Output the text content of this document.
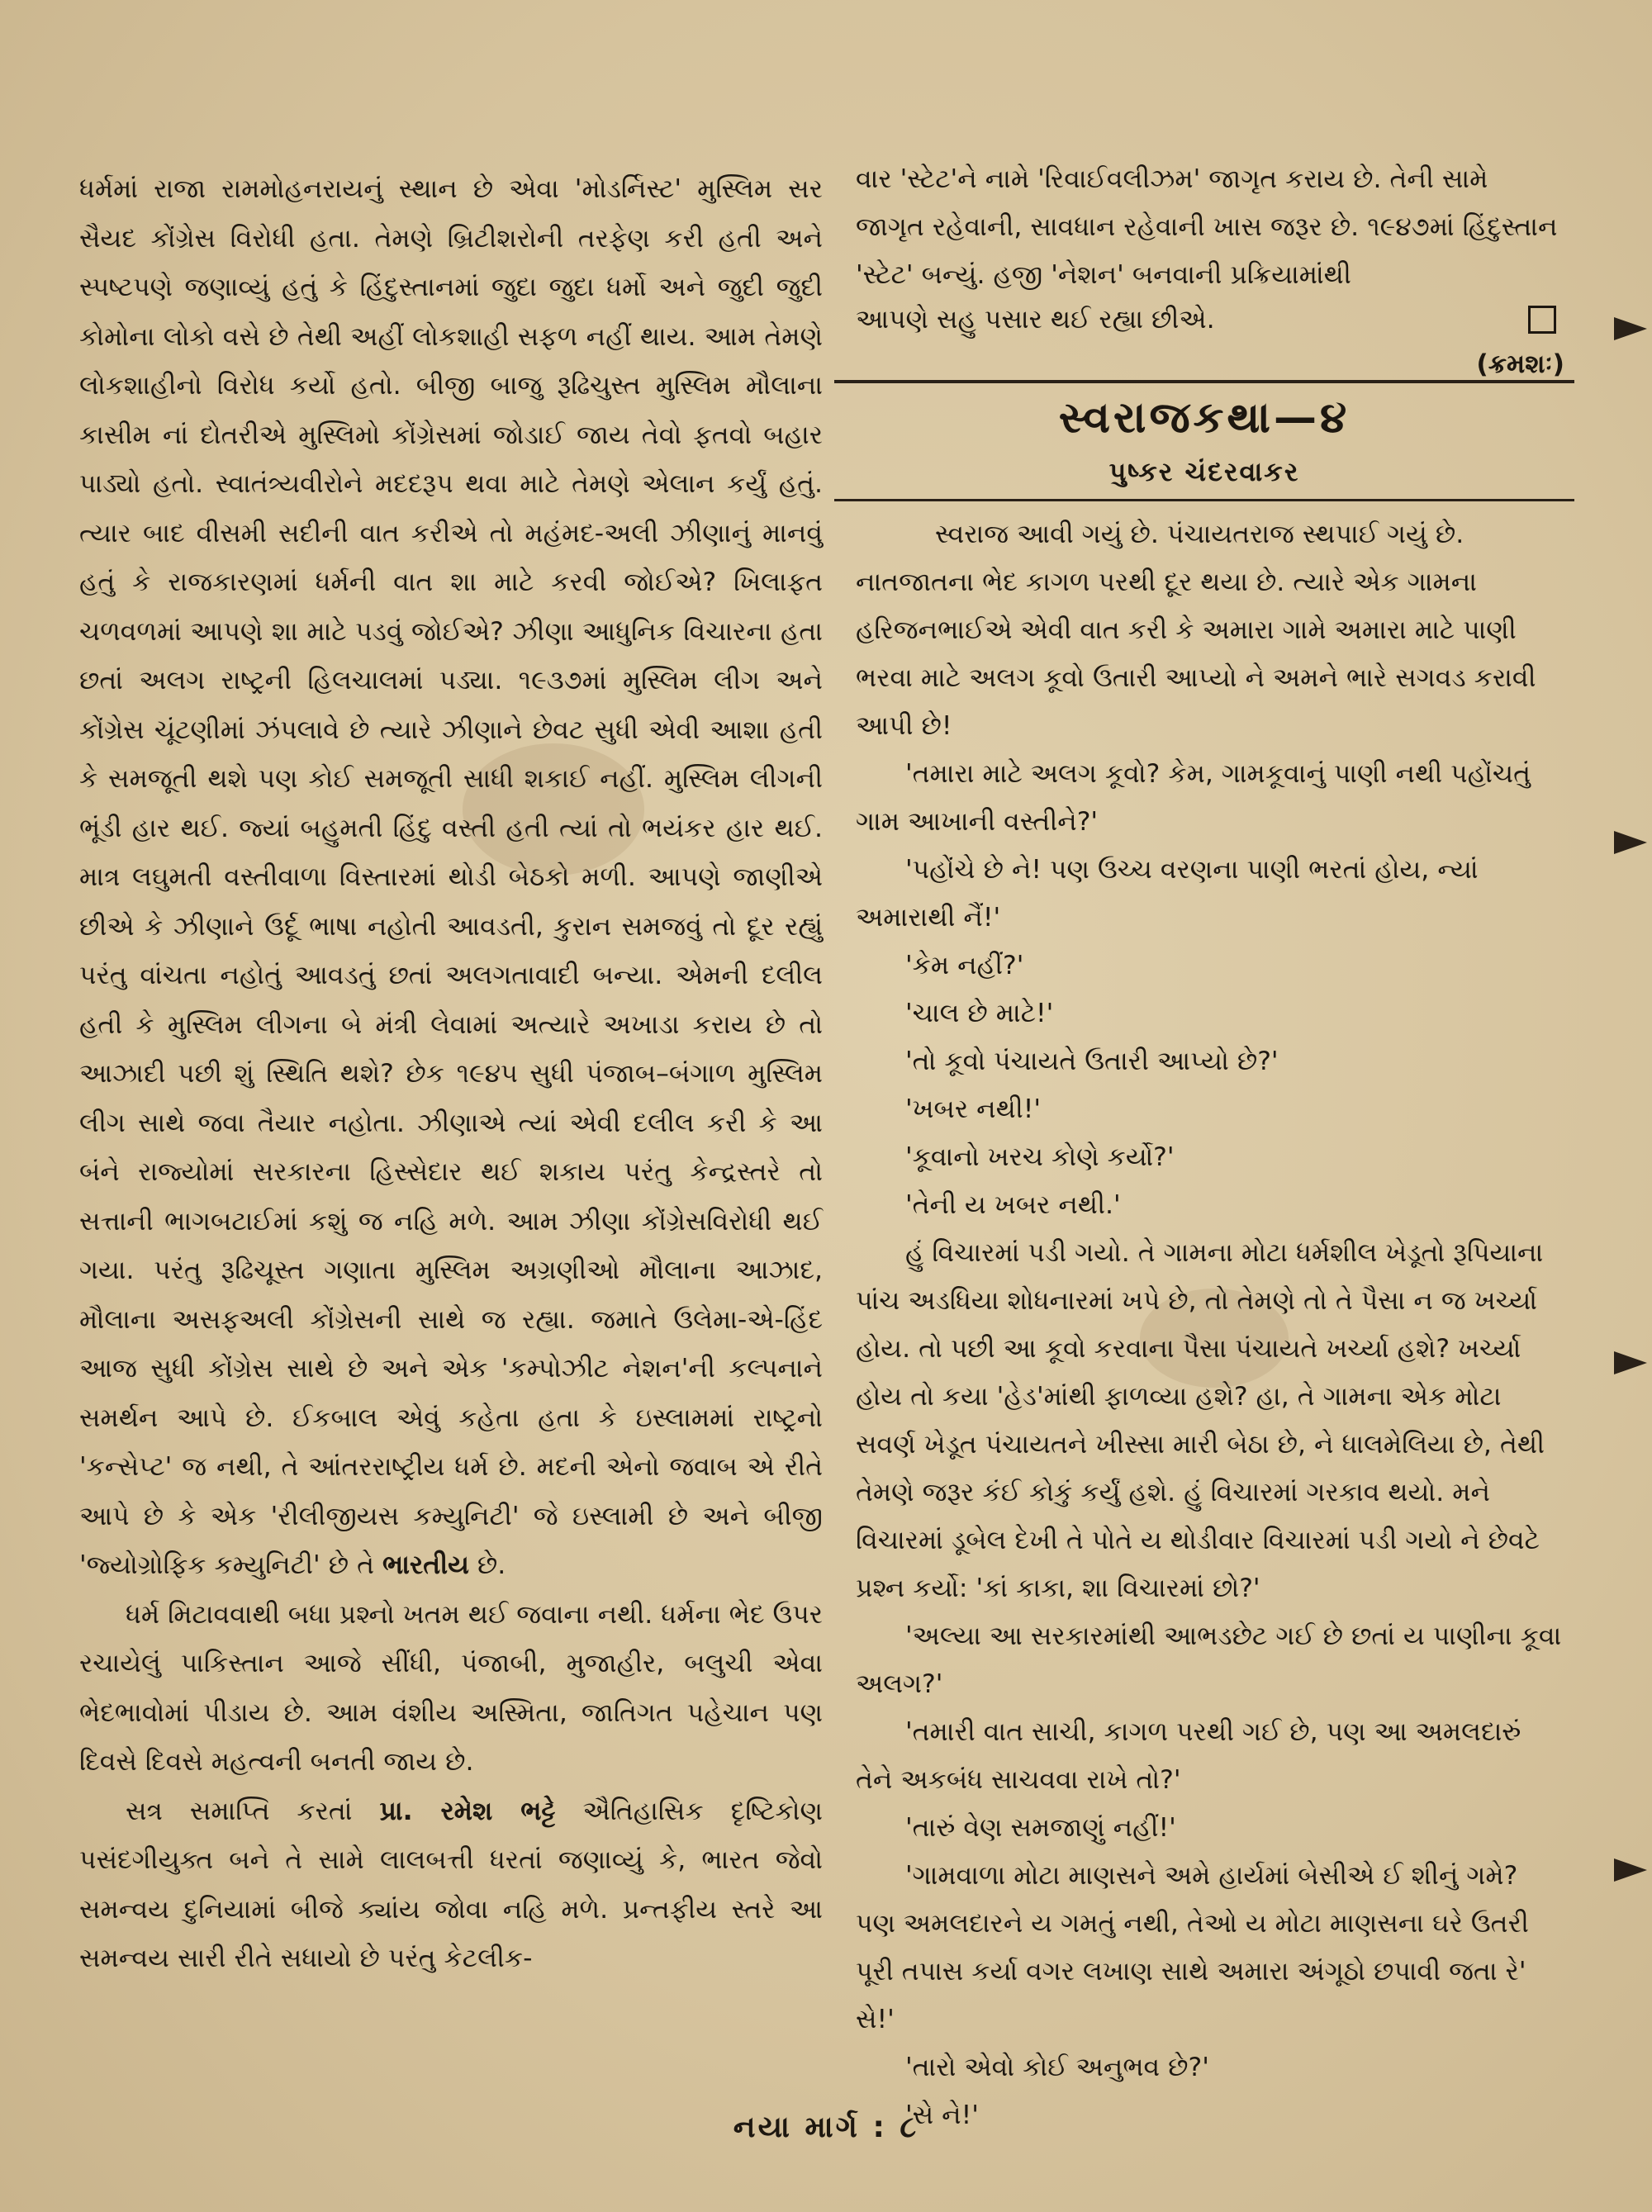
ધર્મમાં રાજા રામમોહનરાયનું સ્થાન છે એવા 'મોડર્નિસ્ટ' મુસ્લિમ સર સૈયદ કોંગ્રેસ વિરોધી હતા. તેમણે બ્રિટીશરોની તરફેણ કરી હતી અને સ્પષ્ટપણે જણાવ્યું હતું કે હિંદુસ્તાનમાં જુદા જુદા ધર્મો અને જુદી જુદી કોમોના લોકો વસે છે તેથી અહીં લોકશાહી સફળ નહીં થાય. આમ તેમણે લોકશાહીનો વિરોધ કર્યો હતો. બીજી બાજુ રૂઢિચુસ્ત મુસ્લિમ મૌલાના કાસીમ નાં દોતરીએ મુસ્લિમો કોંગ્રેસમાં જોડાઈ જાય તેવો ફતવો બહાર પાડ્યો હતો. સ્વાતંત્ર્યવીરોને મદદરૂપ થવા માટે તેમણે એલાન કર્યું હતું. ત્યાર બાદ વીસમી સદીની વાત કરીએ તો મહંમદ-અલી ઝીણાનું માનવું હતું કે રાજકારણમાં ધર્મની વાત શા માટે કરવી જોઈએ? ખિલાફત ચળવળમાં આપણે શા માટે પડવું જોઈએ? ઝીણા આધુનિક વિચારના હતા છતાં અલગ રાષ્ટ્રની હિલચાલમાં પડ્યા. ૧૯૩૭માં મુસ્લિમ લીગ અને કોંગ્રેસ ચૂંટણીમાં ઝંપલાવે છે ત્યારે ઝીણાને છેવટ સુધી એવી આશા હતી કે સમજૂતી થશે પણ કોઈ સમજૂતી સાધી શકાઈ નહીં. મુસ્લિમ લીગની ભૂંડી હાર થઈ. જ્યાં બહુમતી હિંદુ વસ્તી હતી ત્યાં તો ભયંકર હાર થઈ. માત્ર લઘુમતી વસ્તીવાળા વિસ્તારમાં થોડી બેઠકો મળી. આપણે જાણીએ છીએ કે ઝીણાને ઉર્દૂ ભાષા નહોતી આવડતી, કુરાન સમજવું તો દૂર રહ્યું પરંતુ વાંચતા નહોતું આવડતું છતાં અલગતાવાદી બન્યા. એમની દલીલ હતી કે મુસ્લિમ લીગના બે મંત્રી લેવામાં અત્યારે અખાડા કરાય છે તો આઝાદી પછી શું સ્થિતિ થશે? છેક ૧૯૪૫ સુધી પંજાબ–બંગાળ મુસ્લિમ લીગ સાથે જવા તૈયાર નહોતા. ઝીણાએ ત્યાં એવી દલીલ કરી કે આ બંને રાજ્યોમાં સરકારના હિસ્સેદાર થઈ શકાય પરંતુ કેન્દ્રસ્તરે તો સત્તાની ભાગબટાઈમાં કશું જ નહિ મળે. આમ ઝીણા કોંગ્રેસવિરોધી થઈ ગયા. પરંતુ રૂઢિચૂસ્ત ગણાતા મુસ્લિમ અગ્રણીઓ મૌલાના આઝાદ, મૌલાના અસફઅલી કોંગ્રેસની સાથે જ રહ્યા. જમાતે ઉલેમા-એ-હિંદ આજ સુધી કોંગ્રેસ સાથે છે અને એક 'કમ્પોઝીટ નેશન'ની કલ્પનાને સમર્થન આપે છે. ઈકબાલ એવું કહેતા હતા કે ઇસ્લામમાં રાષ્ટ્રનો 'કન્સેપ્ટ' જ નથી, તે આંતરરાષ્ટ્રીય ધર્મ છે. મદની એનો જવાબ એ રીતે આપે છે કે એક 'રીલીજીયસ કમ્યુનિટી' જે ઇસ્લામી છે અને બીજી 'જ્યોગ્રોફિક કમ્યુનિટી' છે તે ભારતીય છે.

ધર્મ મિટાવવાથી બધા પ્રશ્નો ખતમ થઈ જવાના નથી. ધર્મના ભેદ ઉપર રચાયેલું પાકિસ્તાન આજે સીંધી, પંજાબી, મુજાહીર, બલુચી એવા ભેદભાવોમાં પીડાય છે. આમ વંશીય અસ્મિતા, જાતિગત પહેચાન પણ દિવસે દિવસે મહત્વની બનતી જાય છે.

સત્ર સમાપ્તિ કરતાં પ્રા. રમેશ ભટ્ટે ઐતિહાસિક દૃષ્ટિકોણ પસંદગીયુક્ત બને તે સામે લાલબત્તી ધરતાં જણાવ્યું કે, ભારત જેવો સમન્વય દુનિયામાં બીજે ક્યાંય જોવા નહિ મળે. પ્રન્તફીય સ્તરે આ સમન્વય સારી રીતે સધાયો છે પરંતુ કેટલીક-

વાર 'સ્ટેટ'ને નામે 'રિવાઈવલીઝમ' જાગૃત કરાય છે. તેની સામે જાગૃત રહેવાની, સાવધાન રહેવાની ખાસ જરૂર છે. ૧૯૪૭માં હિંદુસ્તાન 'સ્ટેટ' બન્યું. હજી 'નેશન' બનવાની પ્રક્રિયામાંથી

આપણે સહુ પસાર થઈ રહ્યા છીએ.

(ક્રમશઃ)

સ્વરાજકથા—૪
પુષ્કર ચંદરવાકર

સ્વરાજ આવી ગયું છે. પંચાયતરાજ સ્થપાઈ ગયું છે. નાતજાતના ભેદ કાગળ પરથી દૂર થયા છે. ત્યારે એક ગામના હરિજનભાઈએ એવી વાત કરી કે અમારા ગામે અમારા માટે પાણી ભરવા માટે અલગ કૂવો ઉતારી આપ્યો ને અમને ભારે સગવડ કરાવી આપી છે!

'તમારા માટે અલગ કૂવો? કેમ, ગામકૂવાનું પાણી નથી પહોંચતું ગામ આખાની વસ્તીને?'

'પહોંચે છે ને! પણ ઉચ્ચ વરણના પાણી ભરતાં હોય, ન્યાં અમારાથી નૈં!'

'કેમ નહીં?'

'ચાલ છે માટે!'

'તો કૂવો પંચાયતે ઉતારી આપ્યો છે?'

'ખબર નથી!'

'કૂવાનો ખરચ કોણે કર્યો?'

'તેની ય ખબર નથી.'

હું વિચારમાં પડી ગયો. તે ગામના મોટા ધર્મશીલ ખેડૂતો રૂપિયાના પાંચ અડધિયા શોધનારમાં ખપે છે, તો તેમણે તો તે પૈસા ન જ ખર્ચ્યા હોય. તો પછી આ કૂવો કરવાના પૈસા પંચાયતે ખર્ચ્યા હશે? ખર્ચ્યા હોય તો કયા 'હેડ'માંથી ફાળવ્યા હશે? હા, તે ગામના એક મોટા સવર્ણ ખેડૂત પંચાયતને ખીસ્સા મારી બેઠા છે, ને ધાલમેલિયા છે, તેથી તેમણે જરૂર કંઈ કોકું કર્યું હશે. હું વિચારમાં ગરકાવ થયો. મને વિચારમાં ડૂબેલ દેખી તે પોતે ય થોડીવાર વિચારમાં પડી ગયો ને છેવટે પ્રશ્ન કર્યો: 'કાં કાકા, શા વિચારમાં છો?'

'અલ્યા આ સરકારમાંથી આભડછેટ ગઈ છે છતાં ય પાણીના કૂવા અલગ?'

'તમારી વાત સાચી, કાગળ પરથી ગઈ છે, પણ આ અમલદારું તેને અકબંધ સાચવવા રાખે તો?'

'તારું વેણ સમજાણું નહીં!'

'ગામવાળા મોટા માણસને અમે હાર્યમાં બેસીએ ઈ શીનું ગમે? પણ અમલદારને ય ગમતું નથી, તેઓ ય મોટા માણસના ઘરે ઉતરી પૂરી તપાસ કર્યા વગર લખાણ સાથે અમારા અંગૂઠો છપાવી જતા રે' સે!'

'તારો એવો કોઈ અનુભવ છે?'

'સે ને!'

નયા માર્ગ : ૮
